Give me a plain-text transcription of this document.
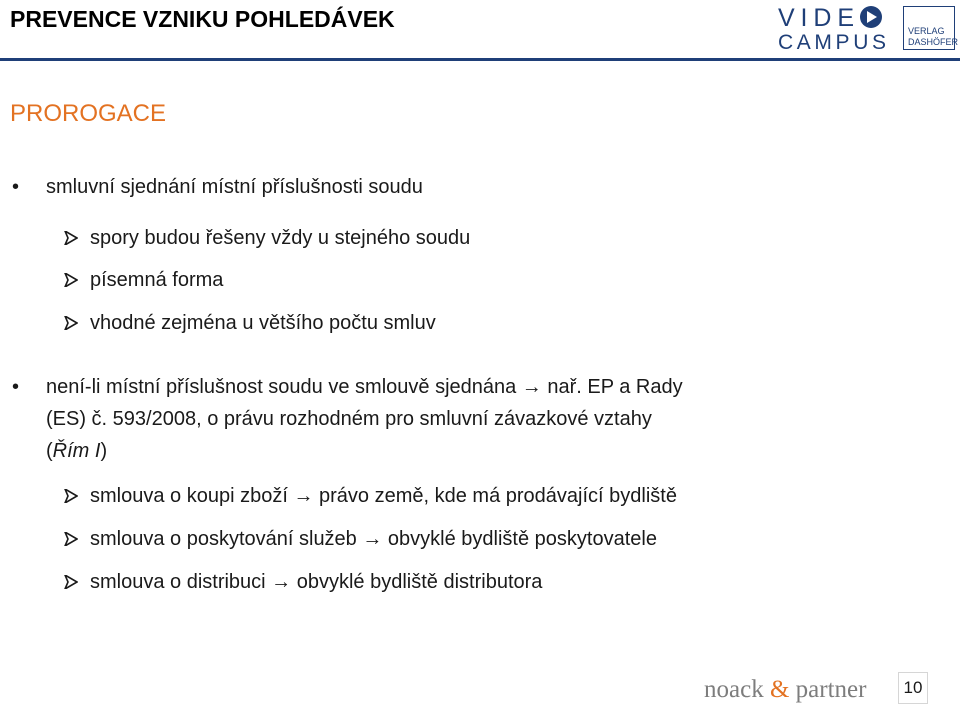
PREVENCE VZNIKU POHLEDÁVEK	VIDE
CAMPUS VERLAG
DASHÖFER
PROROGACE
• smluvní sjednání místní příslušnosti soudu
spory budou řešeny vždy u stejného soudu
písemná forma
vhodné zejména u většího počtu smluv
• není-li místní příslušnost soudu ve smlouvě sjednána → nař. EP a Rady
(ES) č. 593/2008, o právu rozhodném pro smluvní závazkové vztahy
(Řím I)
smlouva o koupi zboží → právo země, kde má prodávající bydliště
smlouva o poskytování služeb → obvyklé bydliště poskytovatele
smlouva o distribuci → obvyklé bydliště distributora
noack & partner	10
